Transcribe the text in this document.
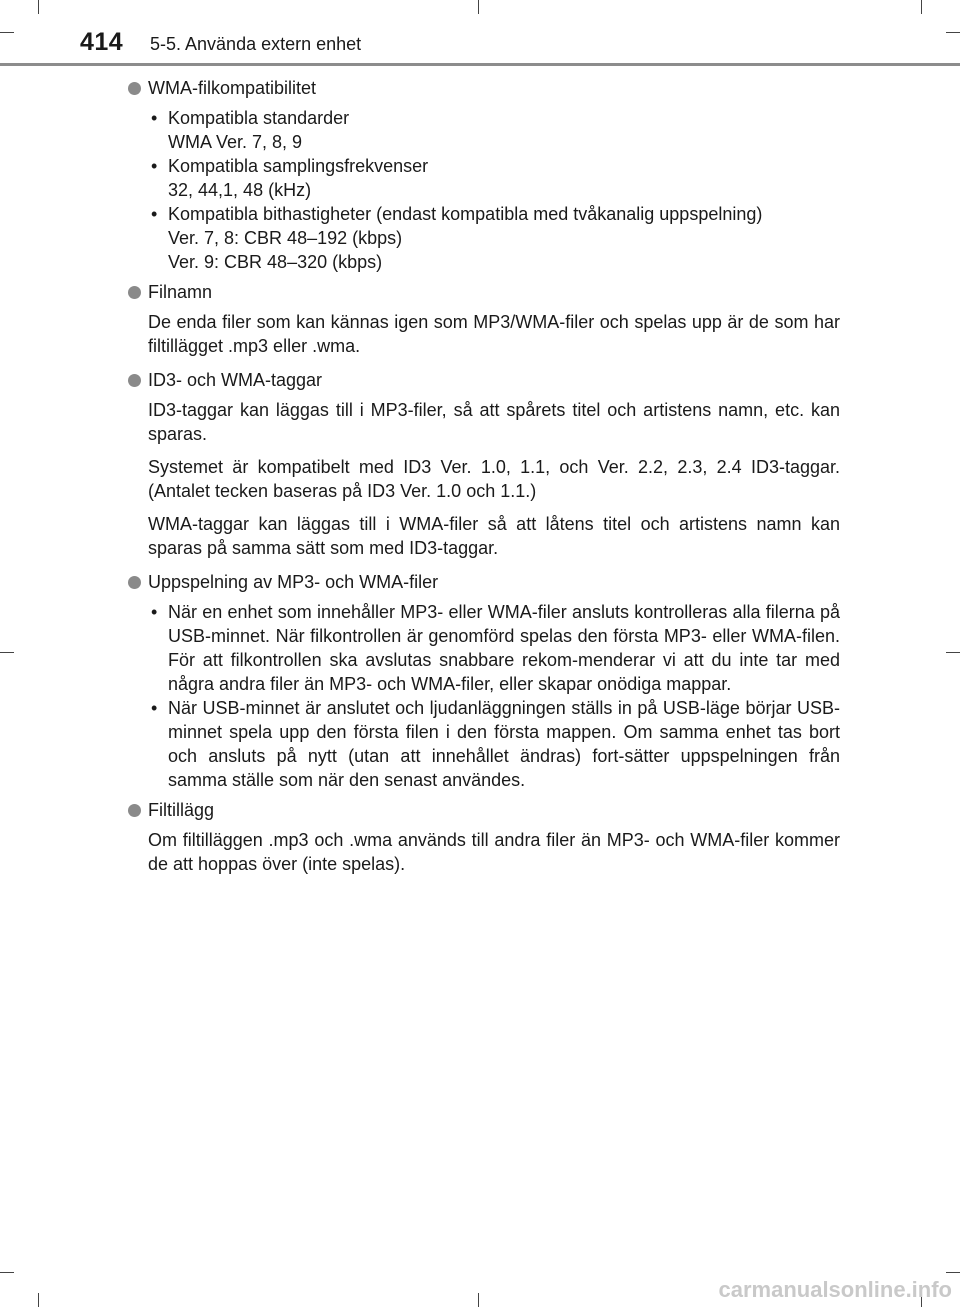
414 5-5. Använda extern enhet
WMA-filkompatibilitet
• Kompatibla standarder
WMA Ver. 7, 8, 9
• Kompatibla samplingsfrekvenser
32, 44,1, 48 (kHz)
• Kompatibla bithastigheter (endast kompatibla med tvåkanalig uppspelning)
Ver. 7, 8: CBR 48–192 (kbps)
Ver. 9: CBR 48–320 (kbps)
Filnamn
De enda filer som kan kännas igen som MP3/WMA-filer och spelas upp är de som har filtillägget .mp3 eller .wma.
ID3- och WMA-taggar
ID3-taggar kan läggas till i MP3-filer, så att spårets titel och artistens namn, etc. kan sparas.
Systemet är kompatibelt med ID3 Ver. 1.0, 1.1, och Ver. 2.2, 2.3, 2.4 ID3-taggar. (Antalet tecken baseras på ID3 Ver. 1.0 och 1.1.)
WMA-taggar kan läggas till i WMA-filer så att låtens titel och artistens namn kan sparas på samma sätt som med ID3-taggar.
Uppspelning av MP3- och WMA-filer
• När en enhet som innehåller MP3- eller WMA-filer ansluts kontrolleras alla filerna på USB-minnet. När filkontrollen är genomförd spelas den första MP3- eller WMA-filen. För att filkontrollen ska avslutas snabbare rekom-menderar vi att du inte tar med några andra filer än MP3- och WMA-filer, eller skapar onödiga mappar.
• När USB-minnet är anslutet och ljudanläggningen ställs in på USB-läge börjar USB-minnet spela upp den första filen i den första mappen. Om samma enhet tas bort och ansluts på nytt (utan att innehållet ändras) fort-sätter uppspelningen från samma ställe som när den senast användes.
Filtillägg
Om filtilläggen .mp3 och .wma används till andra filer än MP3- och WMA-filer kommer de att hoppas över (inte spelas).
carmanualsonline.info
